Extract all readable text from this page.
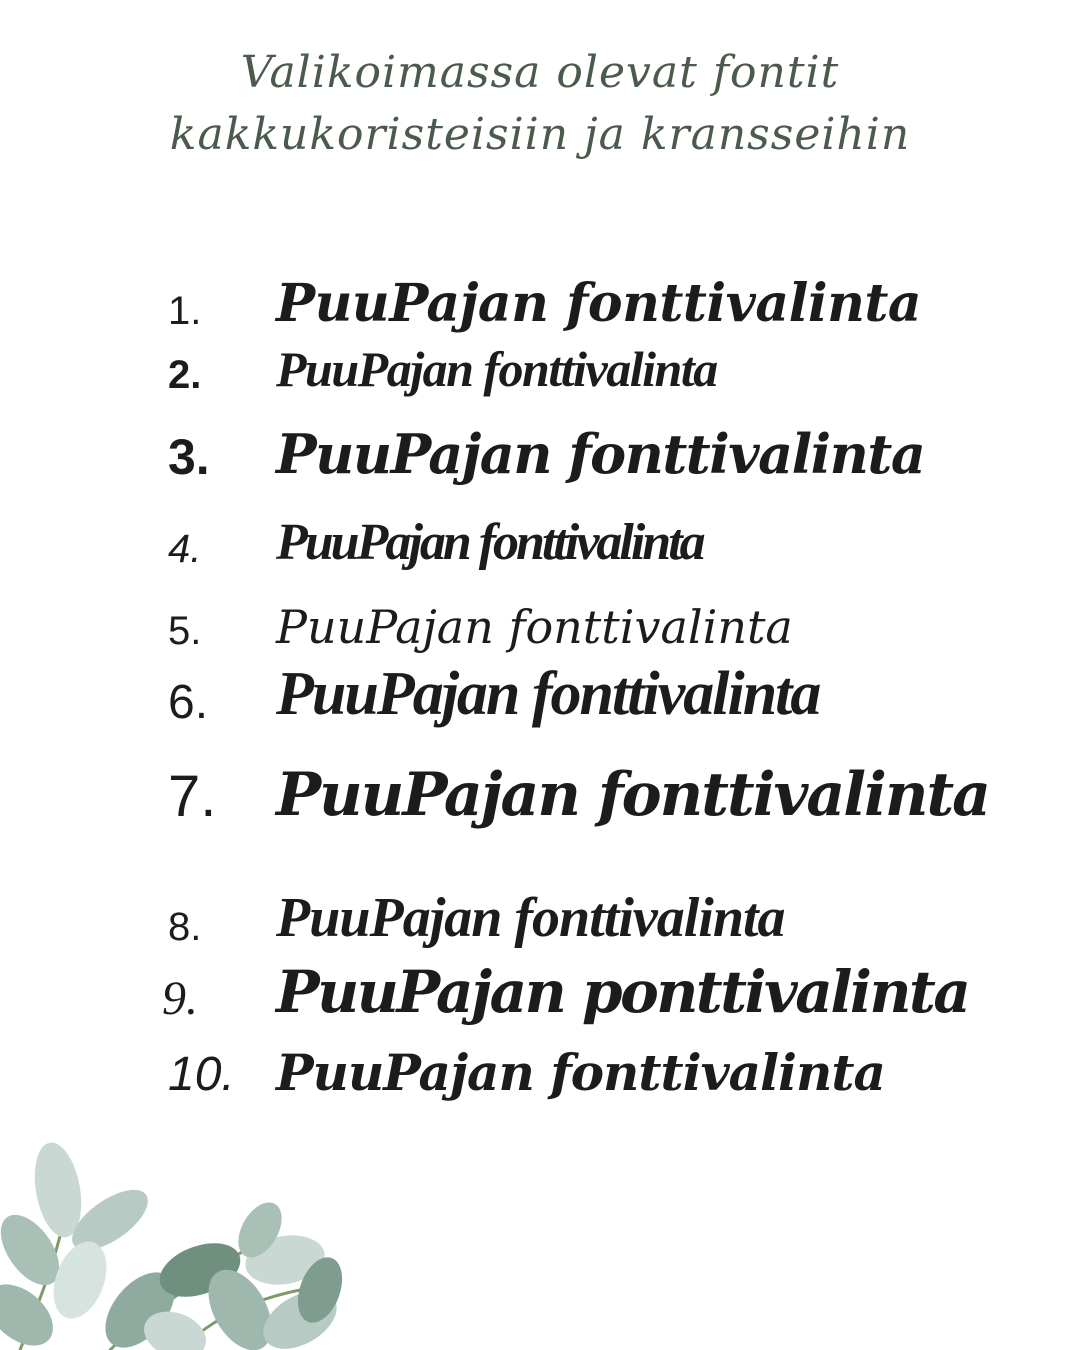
Valikoimassa olevat fontit
kakkukoristeisiin ja kransseihin
1. PuuPajan fonttivalinta
2. PuuPajan fonttivalinta
3. PuuPajan fonttivalinta
4. PuuPajan fonttivalinta
5. PuuPajan fonttivalinta
6. PuuPajan fonttivalinta
7. PuuPajan fonttivalinta
8. PuuPajan fonttivalinta
9. PuuPajan ponttivalinta
10. PuuPajan fonttivalinta
